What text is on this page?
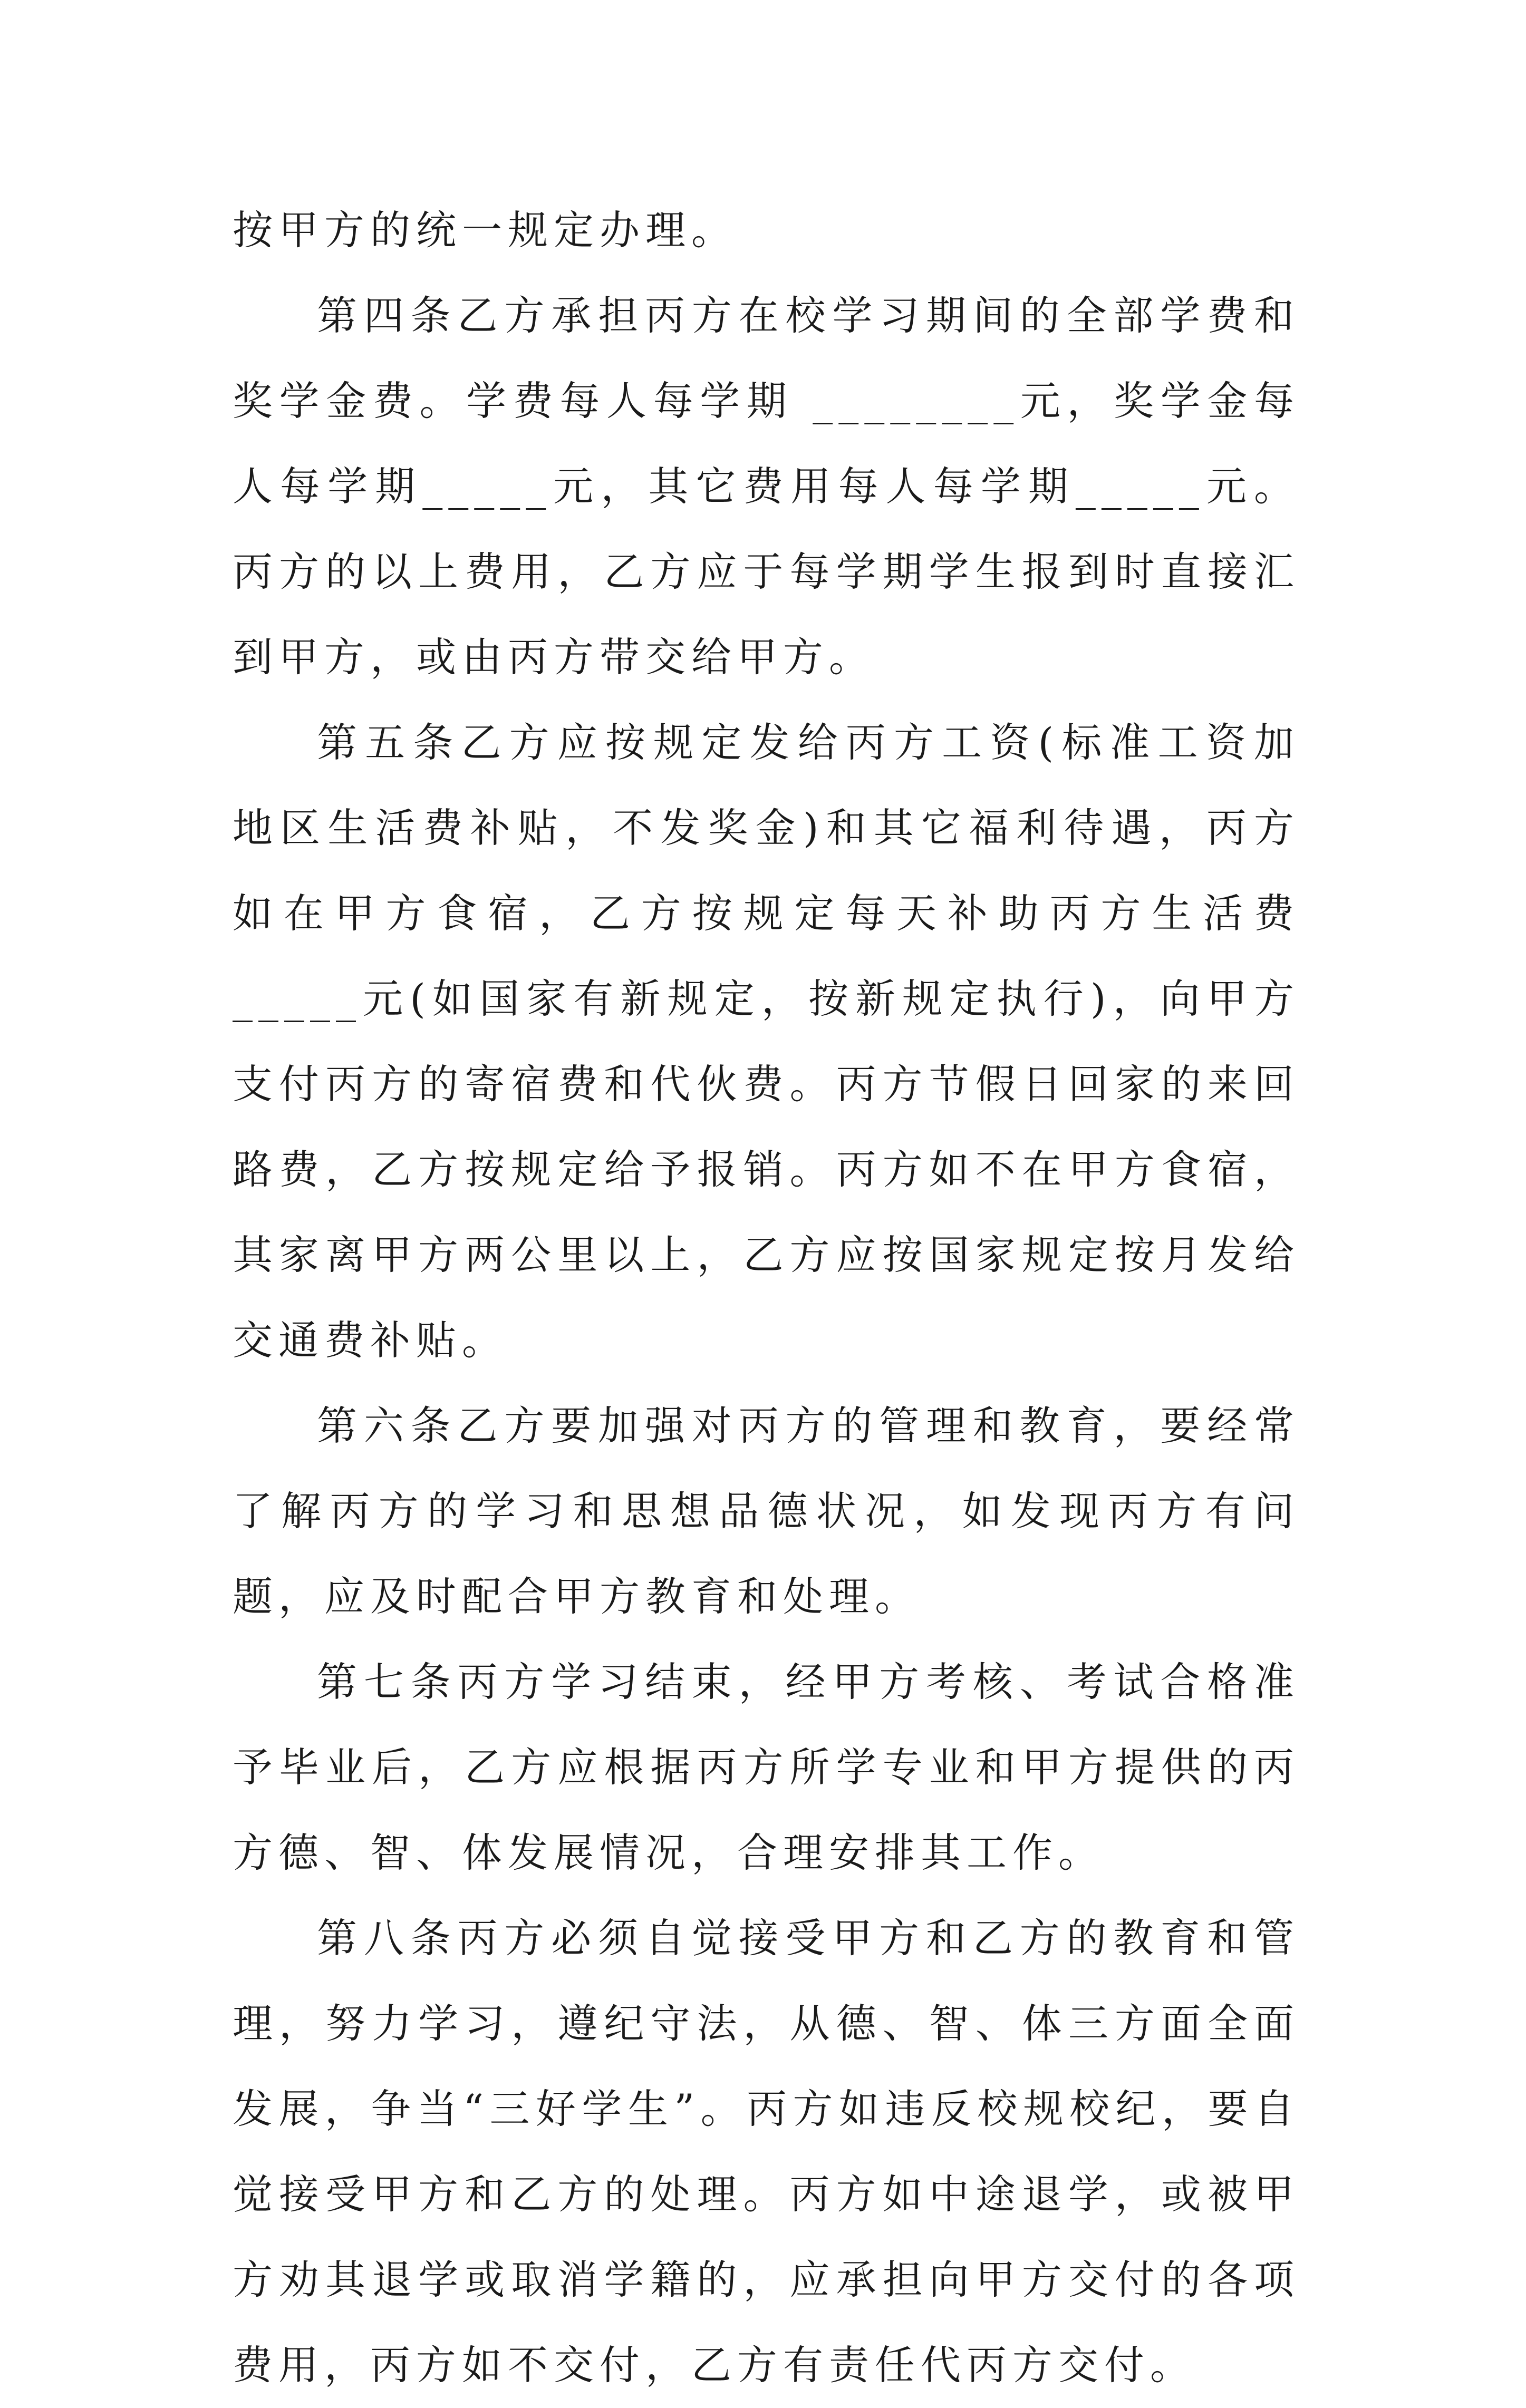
按甲方的统一规定办理。

第四条乙方承担丙方在校学习期间的全部学费和奖学金费。学费每人每学期 ________元，奖学金每人每学期_____元，其它费用每人每学期_____元。丙方的以上费用，乙方应于每学期学生报到时直接汇到甲方，或由丙方带交给甲方。

第五条乙方应按规定发给丙方工资(标准工资加地区生活费补贴，不发奖金)和其它福利待遇，丙方如在甲方食宿，乙方按规定每天补助丙方生活费_____元(如国家有新规定，按新规定执行)，向甲方支付丙方的寄宿费和代伙费。丙方节假日回家的来回路费，乙方按规定给予报销。丙方如不在甲方食宿，其家离甲方两公里以上，乙方应按国家规定按月发给交通费补贴。

第六条乙方要加强对丙方的管理和教育，要经常了解丙方的学习和思想品德状况，如发现丙方有问题，应及时配合甲方教育和处理。

第七条丙方学习结束，经甲方考核、考试合格准予毕业后，乙方应根据丙方所学专业和甲方提供的丙方德、智、体发展情况，合理安排其工作。

第八条丙方必须自觉接受甲方和乙方的教育和管理，努力学习，遵纪守法，从德、智、体三方面全面发展，争当“三好学生”。丙方如违反校规校纪，要自觉接受甲方和乙方的处理。丙方如中途退学，或被甲方劝其退学或取消学籍的，应承担向甲方交付的各项费用，丙方如不交付，乙方有责任代丙方交付。
